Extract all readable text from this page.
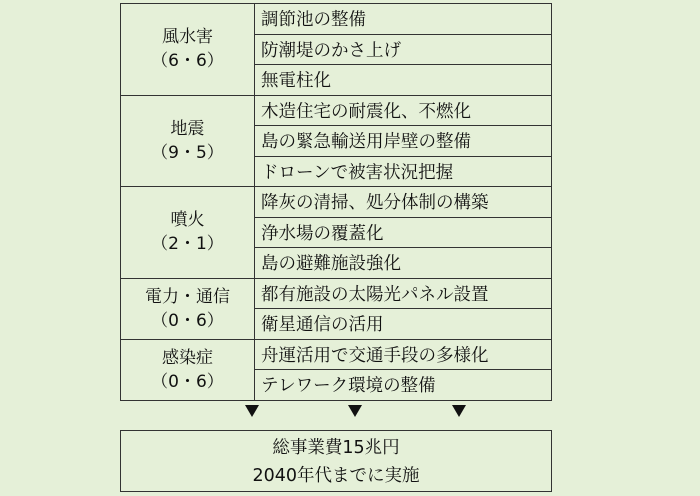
風水害
（6・6）	調節池の整備
	防潮堤のかさ上げ
	無電柱化

地震
（9・5）	木造住宅の耐震化、不燃化
	島の緊急輸送用岸壁の整備
	ドローンで被害状況把握

噴火
（2・1）	降灰の清掃、処分体制の構築
	浄水場の覆蓋化
	島の避難施設強化

電力・通信
（0・6）	都有施設の太陽光パネル設置
	衛星通信の活用

感染症
（0・6）	舟運活用で交通手段の多様化
	テレワーク環境の整備
総事業費15兆円
2040年代までに実施
